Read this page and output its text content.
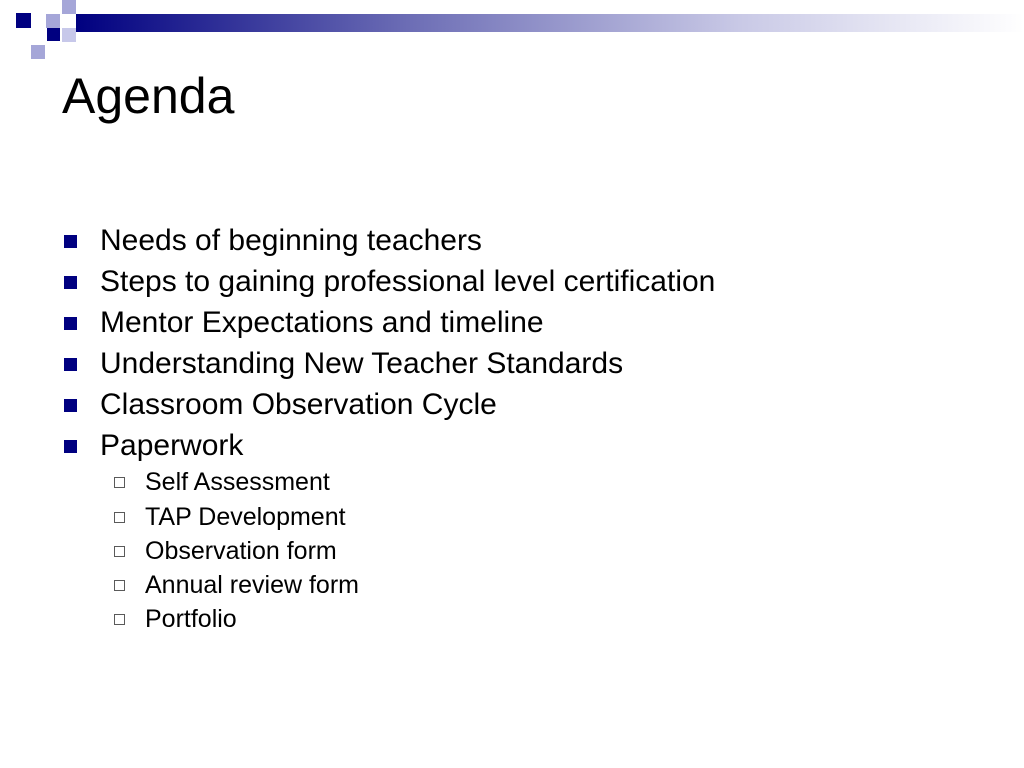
Agenda
Needs of beginning teachers
Steps to gaining professional level certification
Mentor Expectations and timeline
Understanding New Teacher Standards
Classroom Observation Cycle
Paperwork
Self Assessment
TAP Development
Observation form
Annual review form
Portfolio
